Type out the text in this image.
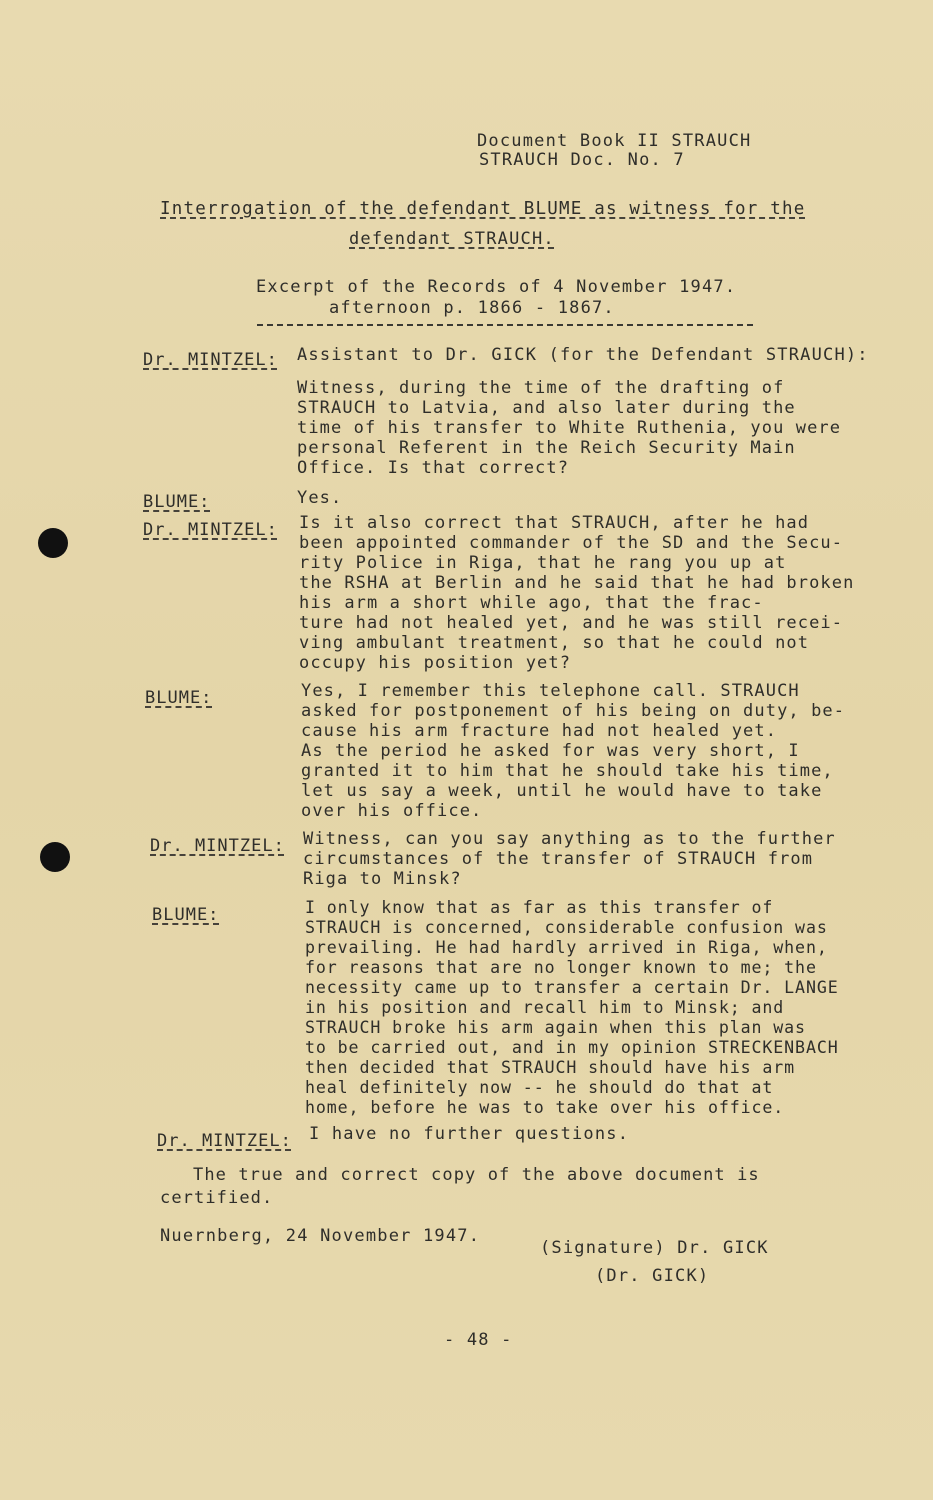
Document Book II STRAUCH
STRAUCH Doc. No. 7
Interrogation of the defendant BLUME as witness for the
defendant STRAUCH.
Excerpt of the Records of 4 November 1947.
afternoon p. 1866 - 1867.
Dr. MINTZEL: Assistant to Dr. GICK (for the Defendant STRAUCH):
Witness, during the time of the drafting of
STRAUCH to Latvia, and also later during the
time of his transfer to White Ruthenia, you were
personal Referent in the Reich Security Main
Office. Is that correct?
BLUME:	Yes.
Dr. MINTZEL: Is it also correct that STRAUCH, after he had
been appointed commander of the SD and the Secu-
rity Police in Riga, that he rang you up at
the RSHA at Berlin and he said that he had broken
his arm a short while ago, that the frac-
ture had not healed yet, and he was still recei-
ving ambulant treatment, so that he could not
occupy his position yet?
BLUME:	Yes, I remember this telephone call. STRAUCH
asked for postponement of his being on duty, be-
cause his arm fracture had not healed yet.
As the period he asked for was very short, I
granted it to him that he should take his time,
let us say a week, until he would have to take
over his office.
Dr. MINTZEL: Witness, can you say anything as to the further
circumstances of the transfer of STRAUCH from
Riga to Minsk?
BLUME:	I only know that as far as this transfer of
STRAUCH is concerned, considerable confusion was
prevailing. He had hardly arrived in Riga, when,
for reasons that are no longer known to me; the
necessity came up to transfer a certain Dr. LANGE
in his position and recall him to Minsk; and
STRAUCH broke his arm again when this plan was
to be carried out, and in my opinion STRECKENBACH
then decided that STRAUCH should have his arm
heal definitely now -- he should do that at
home, before he was to take over his office.
Dr. MINTZEL: I have no further questions.
The true and correct copy of the above document is
certified.
Nuernberg, 24 November 1947.
(Signature) Dr. GICK
(Dr. GICK)
- 48 -
